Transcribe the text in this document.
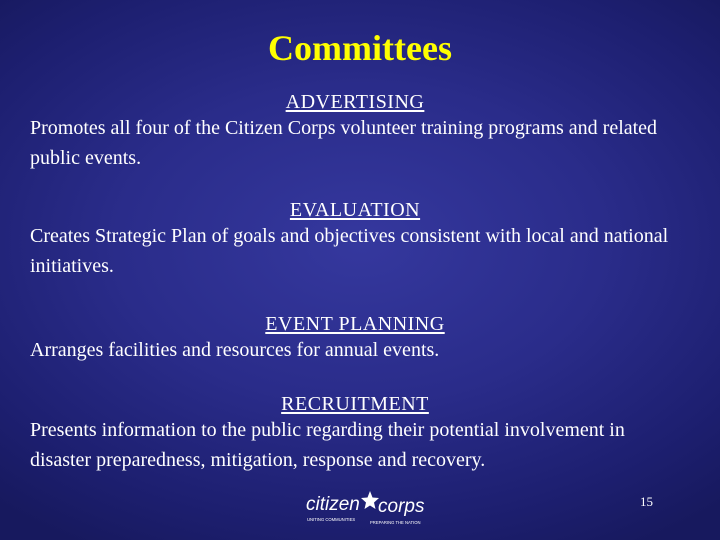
Committees
ADVERTISING
Promotes all four of the Citizen Corps volunteer training programs and related public events.
EVALUATION
Creates Strategic Plan of goals and objectives consistent with local and national initiatives.
EVENT PLANNING
Arranges facilities and resources for annual events.
RECRUITMENT
Presents information to the public regarding their potential involvement in disaster preparedness, mitigation, response and recovery.
citizen corps
UNITING COMMUNITIES
PREPARING THE NATION
15
